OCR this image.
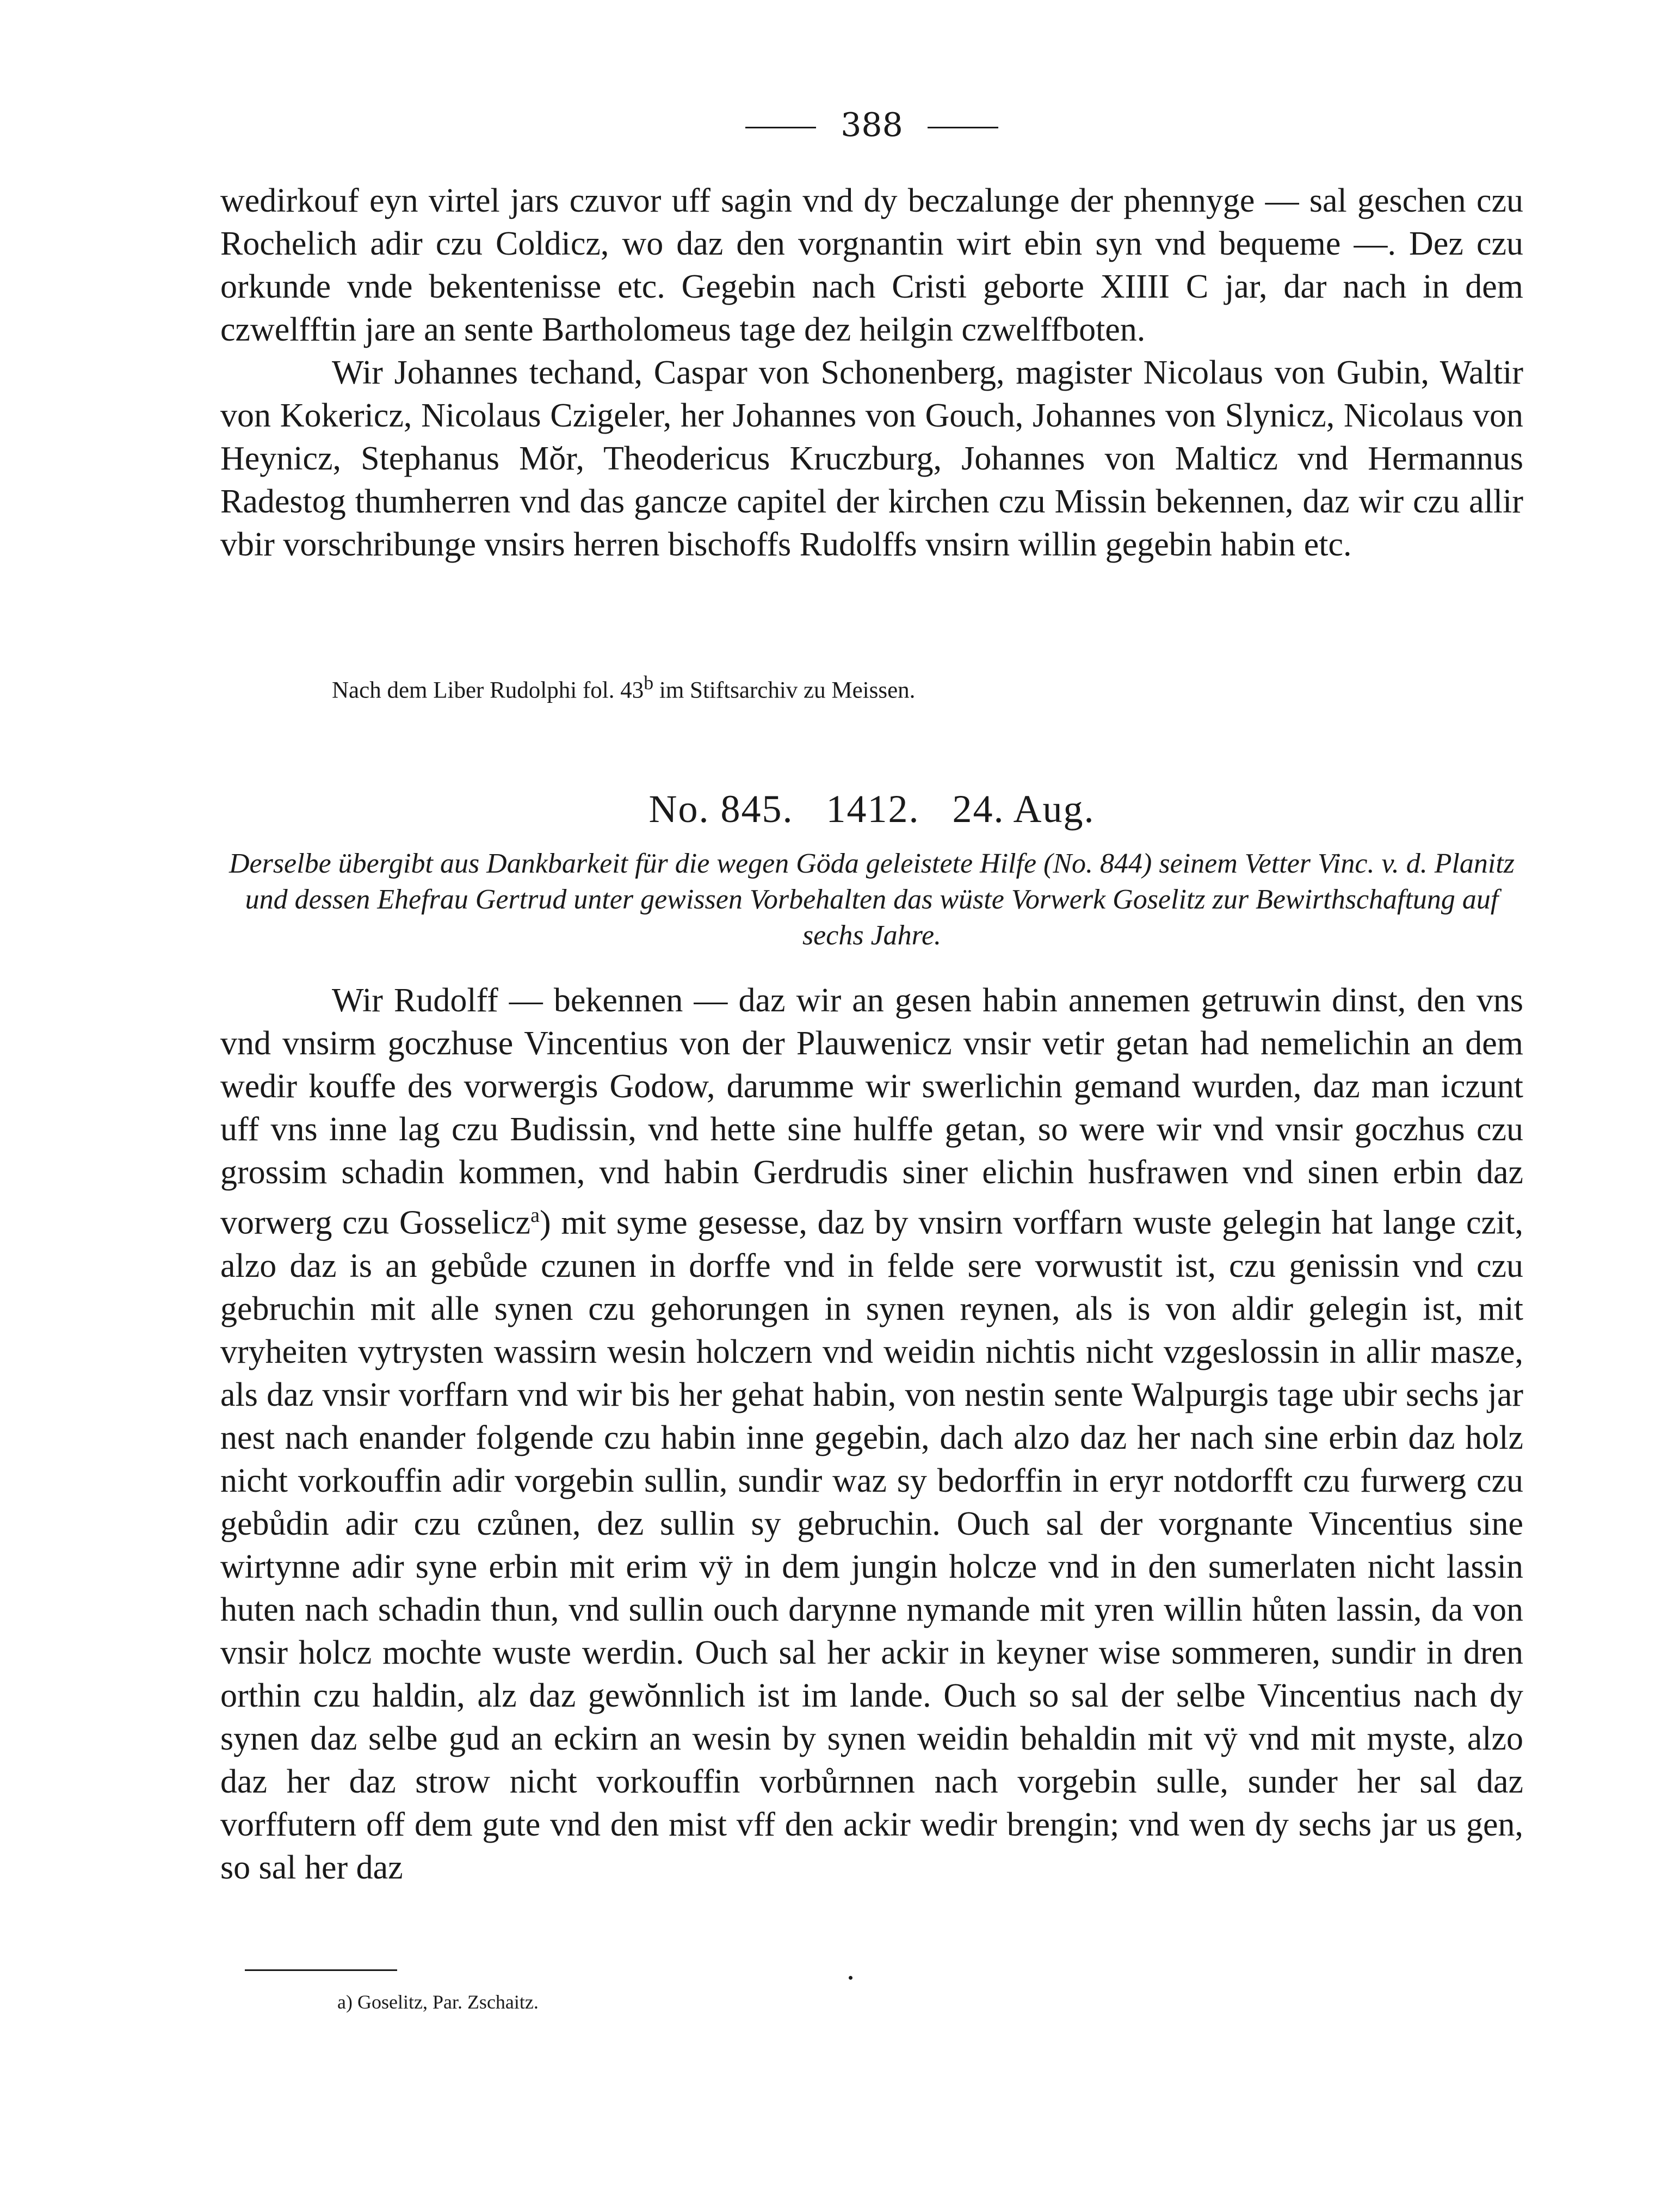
388

wedirkouf eyn virtel jars czuvor uff sagin vnd dy beczalunge der phennyge — sal geschen czu Rochelich adir czu Coldicz, wo daz den vorgnantin wirt ebin syn vnd bequeme —. Dez czu orkunde vnde bekentenisse etc. Gegebin nach Cristi geborte XIIII C jar, dar nach in dem czwelfftin jare an sente Bartholomeus tage dez heilgin czwelffboten.

Wir Johannes techand, Caspar von Schonenberg, magister Nicolaus von Gubin, Waltir von Kokericz, Nicolaus Czigeler, her Johannes von Gouch, Johannes von Slynicz, Nicolaus von Heynicz, Stephanus Mŏr, Theodericus Kruczburg, Johannes von Malticz vnd Hermannus Radestog thumherren vnd das gancze capitel der kirchen czu Missin bekennen, daz wir czu allir vbir vorschribunge vnsirs herren bischoffs Rudolffs vnsirn willin gegebin habin etc.

Nach dem Liber Rudolphi fol. 43$^b$ im Stiftsarchiv zu Meissen.
No. 845.   1412.   24. Aug.
Derselbe übergibt aus Dankbarkeit für die wegen Göda geleistete Hilfe (No. 844) seinem Vetter Vinc. v. d. Planitz und dessen Ehefrau Gertrud unter gewissen Vorbehalten das wüste Vorwerk Goselitz zur Bewirthschaftung auf sechs Jahre.

Wir Rudolff — bekennen — daz wir an gesen habin annemen getruwin dinst, den vns vnd vnsirm goczhuse Vincentius von der Plauwenicz vnsir vetir getan had nemelichin an dem wedir kouffe des vorwergis Godow, darumme wir swerlichin gemand wurden, daz man iczunt uff vns inne lag czu Budissin, vnd hette sine hulffe getan, so were wir vnd vnsir goczhus czu grossim schadin kommen, vnd habin Gerdrudis siner elichin husfrawen vnd sinen erbin daz vorwerg czu Gosselicz$^a$) mit syme gesesse, daz by vnsirn vorffarn wuste gelegin hat lange czit, alzo daz is an gebůde czunen in dorffe vnd in felde sere vorwustit ist, czu genissin vnd czu gebruchin mit alle synen czu gehorungen in synen reynen, als is von aldir gelegin ist, mit vryheiten vytrysten wassirn wesin holczern vnd weidin nichtis nicht vzgeslossin in allir masze, als daz vnsir vorffarn vnd wir bis her gehat habin, von nestin sente Walpurgis tage ubir sechs jar nest nach enander folgende czu habin inne gegebin, dach alzo daz her nach sine erbin daz holz nicht vorkouffin adir vorgebin sullin, sundir waz sy bedorffin in eryr notdorfft czu furwerg czu gebůdin adir czu czůnen, dez sullin sy gebruchin. Ouch sal der vorgnante Vincentius sine wirtynne adir syne erbin mit erim vÿ in dem jungin holcze vnd in den sumerlaten nicht lassin huten nach schadin thun, vnd sullin ouch darynne nymande mit yren willin hůten lassin, da von vnsir holcz mochte wuste werdin. Ouch sal her ackir in keyner wise sommeren, sundir in dren orthin czu haldin, alz daz gewŏnnlich ist im lande. Ouch so sal der selbe Vincentius nach dy synen daz selbe gud an eckirn an wesin by synen weidin behaldin mit vÿ vnd mit myste, alzo daz her daz strow nicht vorkouffin vorbůrnnen nach vorgebin sulle, sunder her sal daz vorffutern off dem gute vnd den mist vff den ackir wedir brengin; vnd wen dy sechs jar us gen, so sal her daz

a) Goselitz, Par. Zschaitz.
